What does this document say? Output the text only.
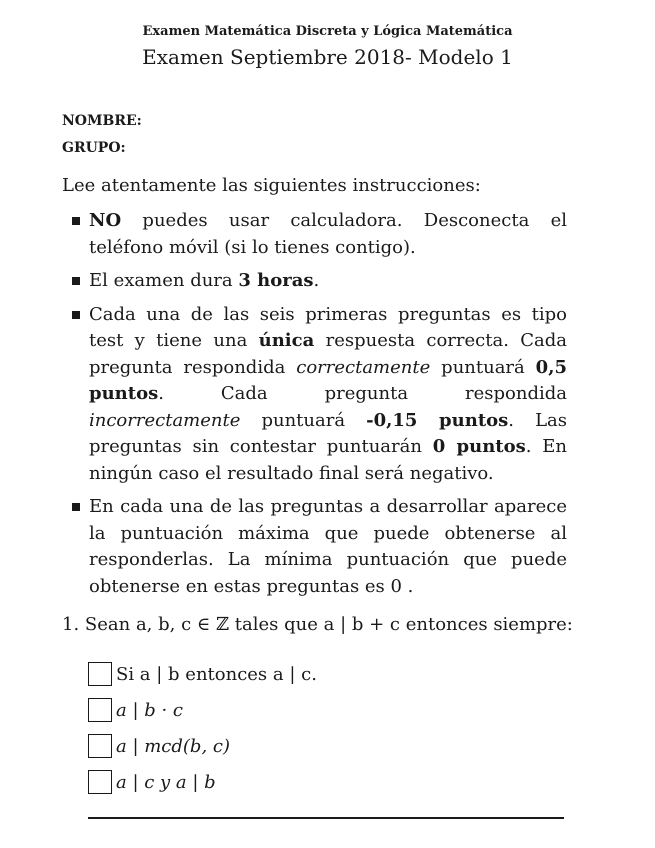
Examen Matemática Discreta y Lógica Matemática
Examen Septiembre 2018- Modelo 1
NOMBRE:
GRUPO:
Lee atentamente las siguientes instrucciones:
NO puedes usar calculadora. Desconecta el teléfono móvil (si lo tienes contigo).
El examen dura 3 horas.
Cada una de las seis primeras preguntas es tipo test y tiene una única respuesta correcta. Cada pregunta respondida correctamente puntuará 0,5 puntos. Cada pregunta respondida incorrectamente puntuará -0,15 puntos. Las preguntas sin contestar puntuarán 0 puntos. En ningún caso el resultado final será negativo.
En cada una de las preguntas a desarrollar aparece la puntuación máxima que puede obtenerse al responderlas. La mínima puntuación que puede obtenerse en estas preguntas es 0 .
1. Sean a, b, c ∈ ℤ tales que a | b + c entonces siempre:
Si a | b entonces a | c.
a | b · c
a | mcd(b, c)
a | c y a | b
